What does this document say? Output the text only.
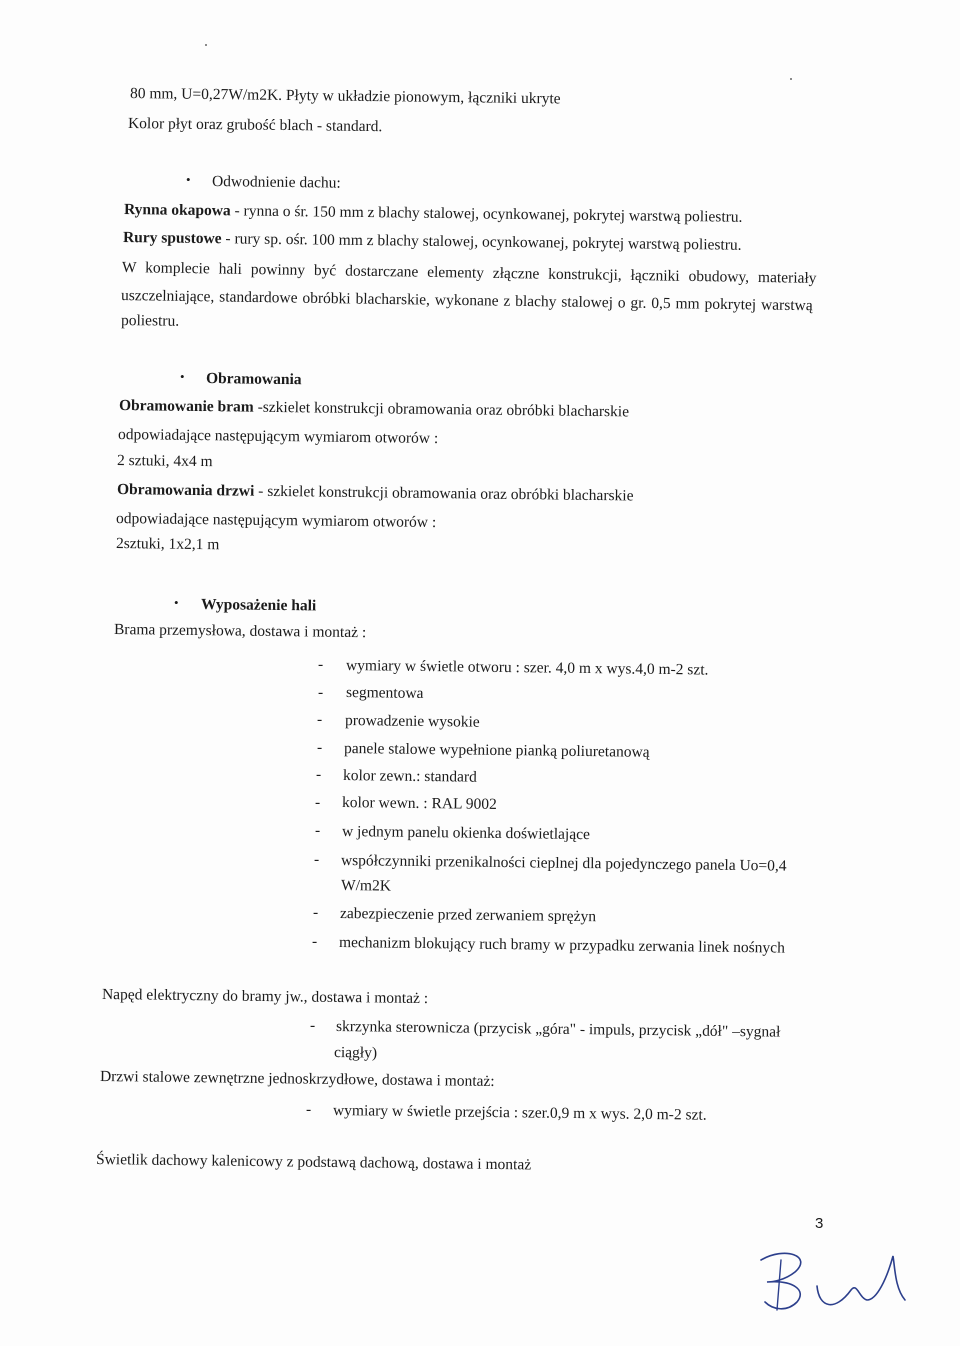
80 mm, U=0,27W/m2K. Płyty w układzie pionowym, łączniki ukryte
Kolor płyt oraz grubość blach - standard.
• Odwodnienie dachu:
Rynna okapowa - rynna o śr. 150 mm z blachy stalowej, ocynkowanej, pokrytej warstwą poliestru.
Rury spustowe - rury sp. ośr. 100 mm z blachy stalowej, ocynkowanej, pokrytej warstwą poliestru.
W komplecie hali powinny być dostarczane elementy złączne konstrukcji, łączniki obudowy, materiały
uszczelniające, standardowe obróbki blacharskie, wykonane z blachy stalowej o gr. 0,5 mm pokrytej warstwą
poliestru.
• Obramowania
Obramowanie bram -szkielet konstrukcji obramowania oraz obróbki blacharskie
odpowiadające następującym wymiarom otworów :
2 sztuki, 4x4 m
Obramowania drzwi - szkielet konstrukcji obramowania oraz obróbki blacharskie
odpowiadające następującym wymiarom otworów :
2sztuki, 1x2,1 m
• Wyposażenie hali
Brama przemysłowa, dostawa i montaż :
- wymiary w świetle otworu : szer. 4,0 m x wys.4,0 m-2 szt.
- segmentowa
- prowadzenie wysokie
- panele stalowe wypełnione pianką poliuretanową
- kolor zewn.: standard
- kolor wewn. : RAL 9002
- w jednym panelu okienka doświetlające
- współczynniki przenikalności cieplnej dla pojedynczego panela Uo=0,4
W/m2K
- zabezpieczenie przed zerwaniem sprężyn
- mechanizm blokujący ruch bramy w przypadku zerwania linek nośnych
Napęd elektryczny do bramy jw., dostawa i montaż :
- skrzynka sterownicza (przycisk „góra" - impuls, przycisk „dół" –sygnał
ciągły)
Drzwi stalowe zewnętrzne jednoskrzydłowe, dostawa i montaż:
- wymiary w świetle przejścia : szer.0,9 m x wys. 2,0 m-2 szt.
Świetlik dachowy kalenicowy z podstawą dachową, dostawa i montaż
3
